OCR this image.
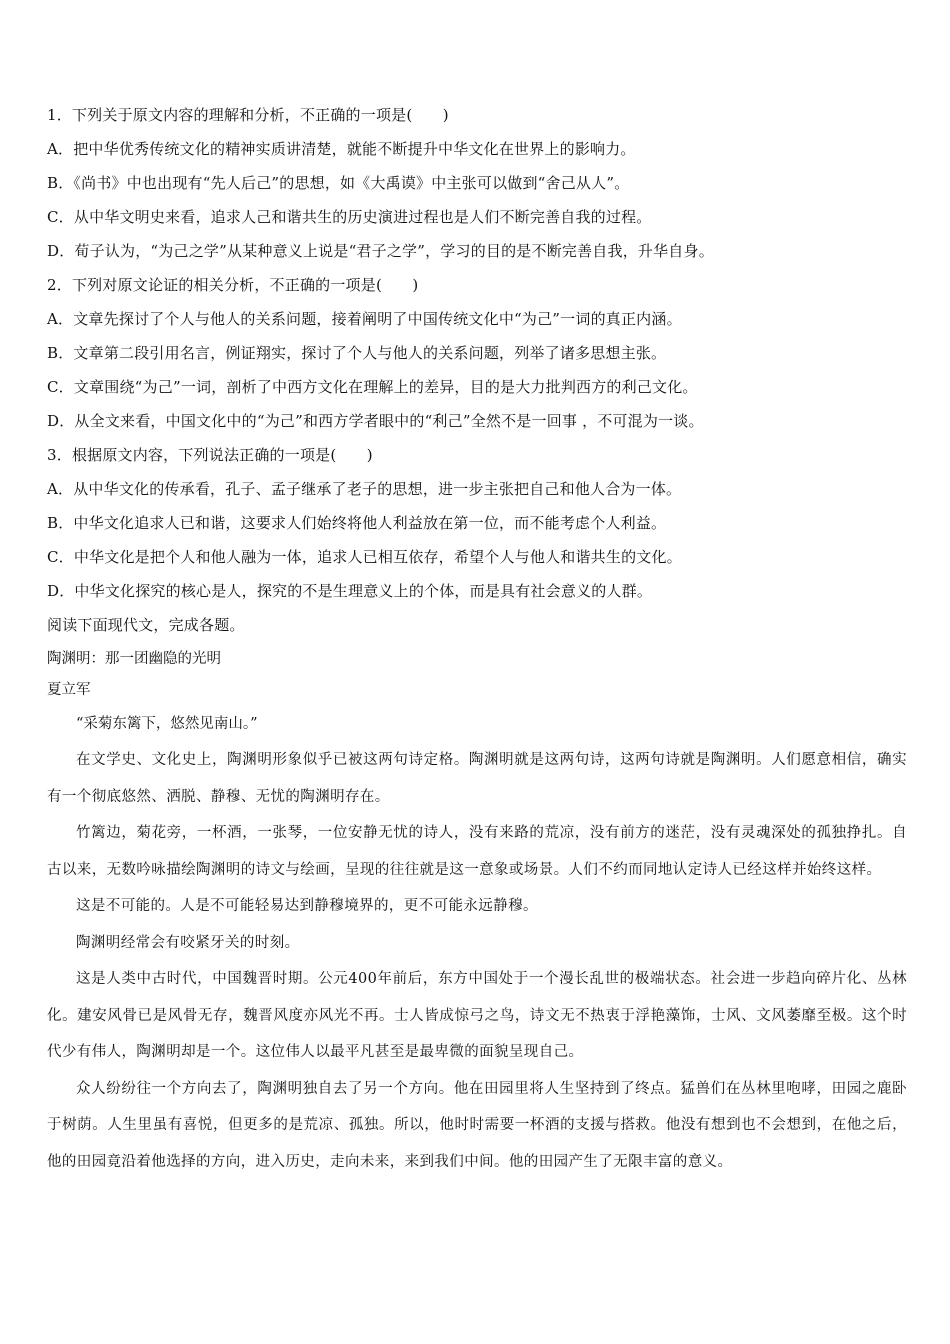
1．下列关于原文内容的理解和分析，不正确的一项是(　　)
A．把中华优秀传统文化的精神实质讲清楚，就能不断提升中华文化在世界上的影响力。
B．《尚书》中也出现有“先人后己”的思想，如《大禹谟》中主张可以做到“舍己从人”。
C．从中华文明史来看，追求人己和谐共生的历史演进过程也是人们不断完善自我的过程。
D．荀子认为，“为己之学”从某种意义上说是“君子之学”，学习的目的是不断完善自我，升华自身。
2．下列对原文论证的相关分析，不正确的一项是(　　)
A．文章先探讨了个人与他人的关系问题，接着阐明了中国传统文化中“为己”一词的真正内涵。
B．文章第二段引用名言，例证翔实，探讨了个人与他人的关系问题，列举了诸多思想主张。
C．文章围绕“为己”一词，剖析了中西方文化在理解上的差异，目的是大力批判西方的利己文化。
D．从全文来看，中国文化中的“为己”和西方学者眼中的“利己”全然不是一回事 ，不可混为一谈。
3．根据原文内容，下列说法正确的一项是(　　)
A．从中华文化的传承看，孔子、孟子继承了老子的思想，进一步主张把自己和他人合为一体。
B．中华文化追求人已和谐，这要求人们始终将他人利益放在第一位，而不能考虑个人利益。
C．中华文化是把个人和他人融为一体，追求人已相互依存，希望个人与他人和谐共生的文化。
D．中华文化探究的核心是人，探究的不是生理意义上的个体，而是具有社会意义的人群。
阅读下面现代文，完成各题。
陶渊明：那一团幽隐的光明
夏立军
“采菊东篱下，悠然见南山。”
在文学史、文化史上，陶渊明形象似乎已被这两句诗定格。陶渊明就是这两句诗，这两句诗就是陶渊明。人们愿意相信，确实有一个彻底悠然、洒脱、静穆、无忧的陶渊明存在。
竹篱边，菊花旁，一杯酒，一张琴，一位安静无忧的诗人，没有来路的荒凉，没有前方的迷茫，没有灵魂深处的孤独挣扎。自古以来，无数吟咏描绘陶渊明的诗文与绘画，呈现的往往就是这一意象或场景。人们不约而同地认定诗人已经这样并始终这样。
这是不可能的。人是不可能轻易达到静穆境界的，更不可能永远静穆。
陶渊明经常会有咬紧牙关的时刻。
这是人类中古时代，中国魏晋时期。公元400年前后，东方中国处于一个漫长乱世的极端状态。社会进一步趋向碎片化、丛林化。建安风骨已是风骨无存，魏晋风度亦风光不再。士人皆成惊弓之鸟，诗文无不热衷于浮艳藻饰，士风、文风萎靡至极。这个时代少有伟人，陶渊明却是一个。这位伟人以最平凡甚至是最卑微的面貌呈现自己。
众人纷纷往一个方向去了，陶渊明独自去了另一个方向。他在田园里将人生坚持到了终点。猛兽们在丛林里咆哮，田园之鹿卧于树荫。人生里虽有喜悦，但更多的是荒凉、孤独。所以，他时时需要一杯酒的支援与搭救。他没有想到也不会想到，在他之后，他的田园竟沿着他选择的方向，进入历史，走向未来，来到我们中间。他的田园产生了无限丰富的意义。
